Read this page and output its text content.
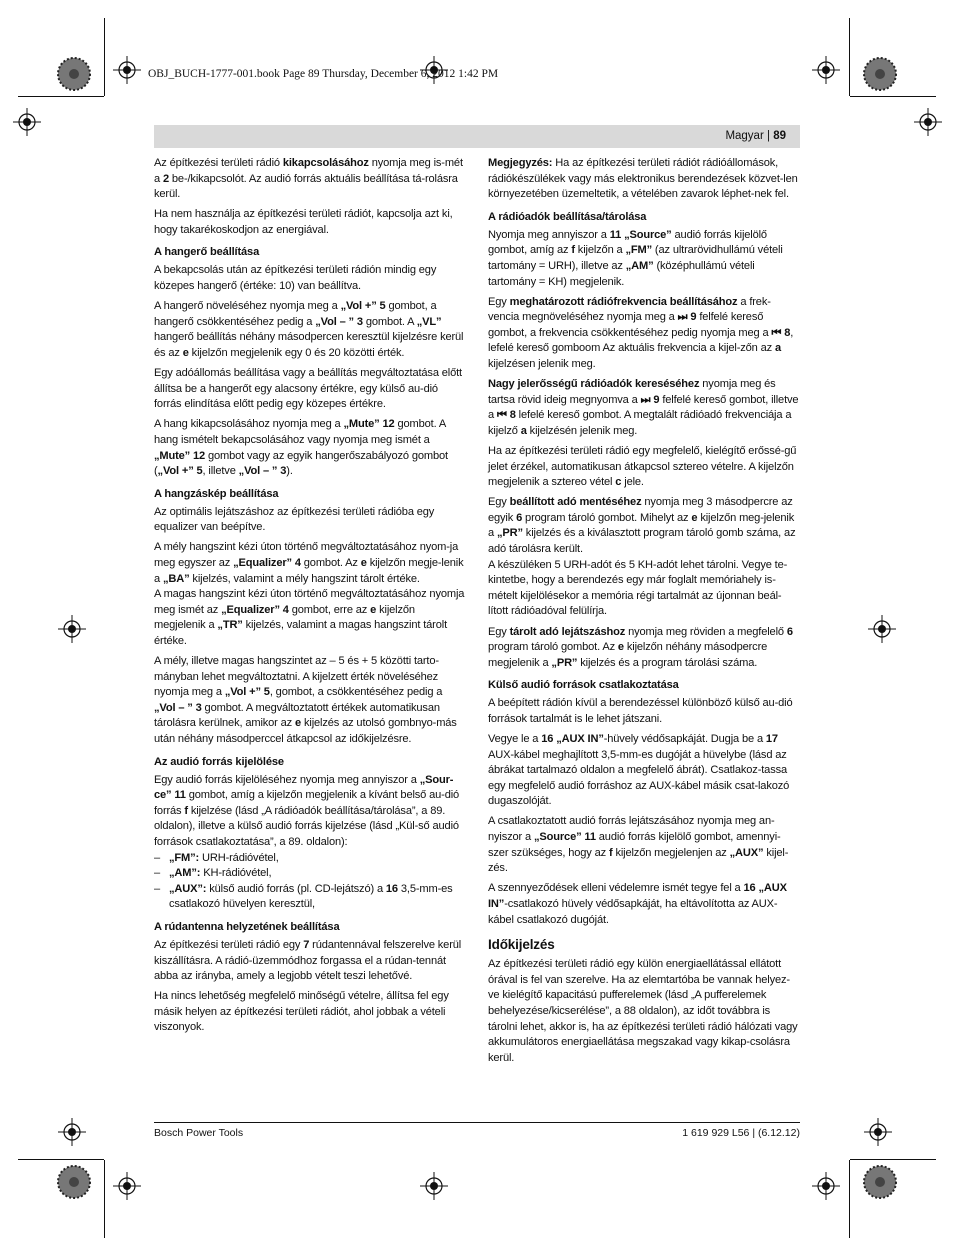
OBJ_BUCH-1777-001.book Page 89 Thursday, December 6, 2012 1:42 PM
Magyar | 89

Az építkezési területi rádió kikapcsolásához nyomja meg is-mét a 2 be-/kikapcsolót. Az audió forrás aktuális beállítása tá-rolásra kerül.

Ha nem használja az építkezési területi rádiót, kapcsolja azt ki, hogy takarékoskodjon az energiával.

A hangerő beállítása

A bekapcsolás után az építkezési területi rádión mindig egy közepes hangerő (értéke: 10) van beállítva.

A hangerő növeléséhez nyomja meg a „Vol +” 5 gombot, a hangerő csökkentéséhez pedig a „Vol – ” 3 gombot. A „VL” hangerő beállítás néhány másodpercen keresztül kijelzésre kerül és az e kijelzőn megjelenik egy 0 és 20 közötti érték.

Egy adóállomás beállítása vagy a beállítás megváltoztatása előtt állítsa be a hangerőt egy alacsony értékre, egy külső au-dió forrás elindítása előtt pedig egy közepes értékre.

A hang kikapcsolásához nyomja meg a „Mute” 12 gombot. A hang ismételt bekapcsolásához vagy nyomja meg ismét a „Mute” 12 gombot vagy az egyik hangerőszabályozó gombot („Vol +” 5, illetve „Vol – ” 3).

A hangzáskép beállítása

Az optimális lejátszáshoz az építkezési területi rádióba egy equalizer van beépítve.

A mély hangszint kézi úton történő megváltoztatásához nyom-ja meg egyszer az „Equalizer” 4 gombot. Az e kijelzőn megje-lenik a „BA” kijelzés, valamint a mély hangszint tárolt értéke.

A magas hangszint kézi úton történő megváltoztatásához nyomja meg ismét az „Equalizer” 4 gombot, erre az e kijelzőn megjelenik a „TR” kijelzés, valamint a magas hangszint tárolt értéke.

A mély, illetve magas hangszintet az – 5 és + 5 közötti tarto-mányban lehet megváltoztatni. A kijelzett érték növeléséhez nyomja meg a „Vol +” 5, gombot, a csökkentéséhez pedig a „Vol – ” 3 gombot. A megváltoztatott értékek automatikusan tárolásra kerülnek, amikor az e kijelzés az utolsó gombnyo-más után néhány másodperccel átkapcsol az időkijelzésre.

Az audió forrás kijelölése

Egy audió forrás kijelöléséhez nyomja meg annyiszor a „Sour-ce” 11 gombot, amíg a kijelzőn megjelenik a kívánt belső au-dió forrás f kijelzése (lásd „A rádióadók beállítása/tárolása”, a 89. oldalon), illetve a külső audió forrás kijelzése (lásd „Kül-ső audió források csatlakoztatása”, a 89. oldalon):

– „FM”: URH-rádióvétel,
– „AM”: KH-rádióvétel,
– „AUX”: külső audió forrás (pl. CD-lejátszó) a 16 3,5-mm-es csatlakozó hüvelyen keresztül,
A rúdantenna helyzetének beállítása

Az építkezési területi rádió egy 7 rúdantennával felszerelve kerül kiszállításra. A rádió-üzemmódhoz forgassa el a rúdan-tennát abba az irányba, amely a legjobb vételt teszi lehetővé.

Ha nincs lehetőség megfelelő minőségű vételre, állítsa fel egy másik helyen az építkezési területi rádiót, ahol jobbak a vételi viszonyok.

Megjegyzés: Ha az építkezési területi rádiót rádióállomások, rádiókészülékek vagy más elektronikus berendezések közvet-len környezetében üzemeltetik, a vételében zavarok léphet-nek fel.

A rádióadók beállítása/tárolása

Nyomja meg annyiszor a 11 „Source” audió forrás kijelölő gombot, amíg az f kijelzőn a „FM” (az ultrarövidhullámú vételi tartomány = URH), illetve az „AM” (középhullámú vételi tartomány = KH) megjelenik.

Egy meghatározott rádiófrekvencia beállításához a frek-vencia megnöveléséhez nyomja meg a ⏭ 9 felfelé kereső gombot, a frekvencia csökkentéséhez pedig nyomja meg a ⏮ 8, lefelé kereső gomboom Az aktuális frekvencia a kijel-zőn az a kijelzésen jelenik meg.

Nagy jelerősségű rádióadók kereséséhez nyomja meg és tartsa rövid ideig megnyomva a ⏭ 9 felfelé kereső gombot, illetve a ⏮ 8 lefelé kereső gombot. A megtalált rádióadó frekvenciája a kijelző a kijelzésén jelenik meg.

Ha az építkezési területi rádió egy megfelelő, kielégítő erőssé-gű jelet érzékel, automatikusan átkapcsol sztereo vételre. A kijelzőn megjelenik a sztereo vétel c jele.

Egy beállított adó mentéséhez nyomja meg 3 másodpercre az egyik 6 program tároló gombot. Mihelyt az e kijelzőn meg-jelenik a „PR” kijelzés és a kiválasztott program tároló gomb száma, az adó tárolásra került.

A készüléken 5 URH-adót és 5 KH-adót lehet tárolni. Vegye te-kintetbe, hogy a berendezés egy már foglalt memóriahely is-mételt kijelölésekor a memória régi tartalmát az újonnan beál-lított rádióadóval felülírja.

Egy tárolt adó lejátszáshoz nyomja meg röviden a megfelelő 6 program tároló gombot. Az e kijelzőn néhány másodpercre megjelenik a „PR” kijelzés és a program tárolási száma.

Külső audió források csatlakoztatása

A beépített rádión kívül a berendezéssel különböző külső au-dió források tartalmát is le lehet játszani.

Vegye le a 16 „AUX IN”-hüvely védősapkáját. Dugja be a 17 AUX-kábel meghajlított 3,5-mm-es dugóját a hüvelybe (lásd az ábrákat tartalmazó oldalon a megfelelő ábrát). Csatlakoz-tassa egy megfelelő audió forráshoz az AUX-kábel másik csat-lakozó dugaszolóját.

A csatlakoztatott audió forrás lejátszásához nyomja meg an-nyiszor a „Source” 11 audió forrás kijelölő gombot, amennyi-szer szükséges, hogy az f kijelzőn megjelenjen az „AUX” kijel-zés.

A szennyeződések elleni védelemre ismét tegye fel a 16 „AUX IN”-csatlakozó hüvely védősapkáját, ha eltávolította az AUX-kábel csatlakozó dugóját.

Időkijelzés

Az építkezési területi rádió egy külön energiaellátással ellátott órával is fel van szerelve. Ha az elemtartóba be vannak helyez-ve kielégítő kapacitású pufferelemek (lásd „A pufferelemek behelyezése/kicserélése”, a 88 oldalon), az időt továbbra is tárolni lehet, akkor is, ha az építkezési területi rádió hálózati vagy akkumulátoros energiaellátása megszakad vagy kikap-csolásra kerül.

Bosch Power Tools	1 619 929 L56 | (6.12.12)
